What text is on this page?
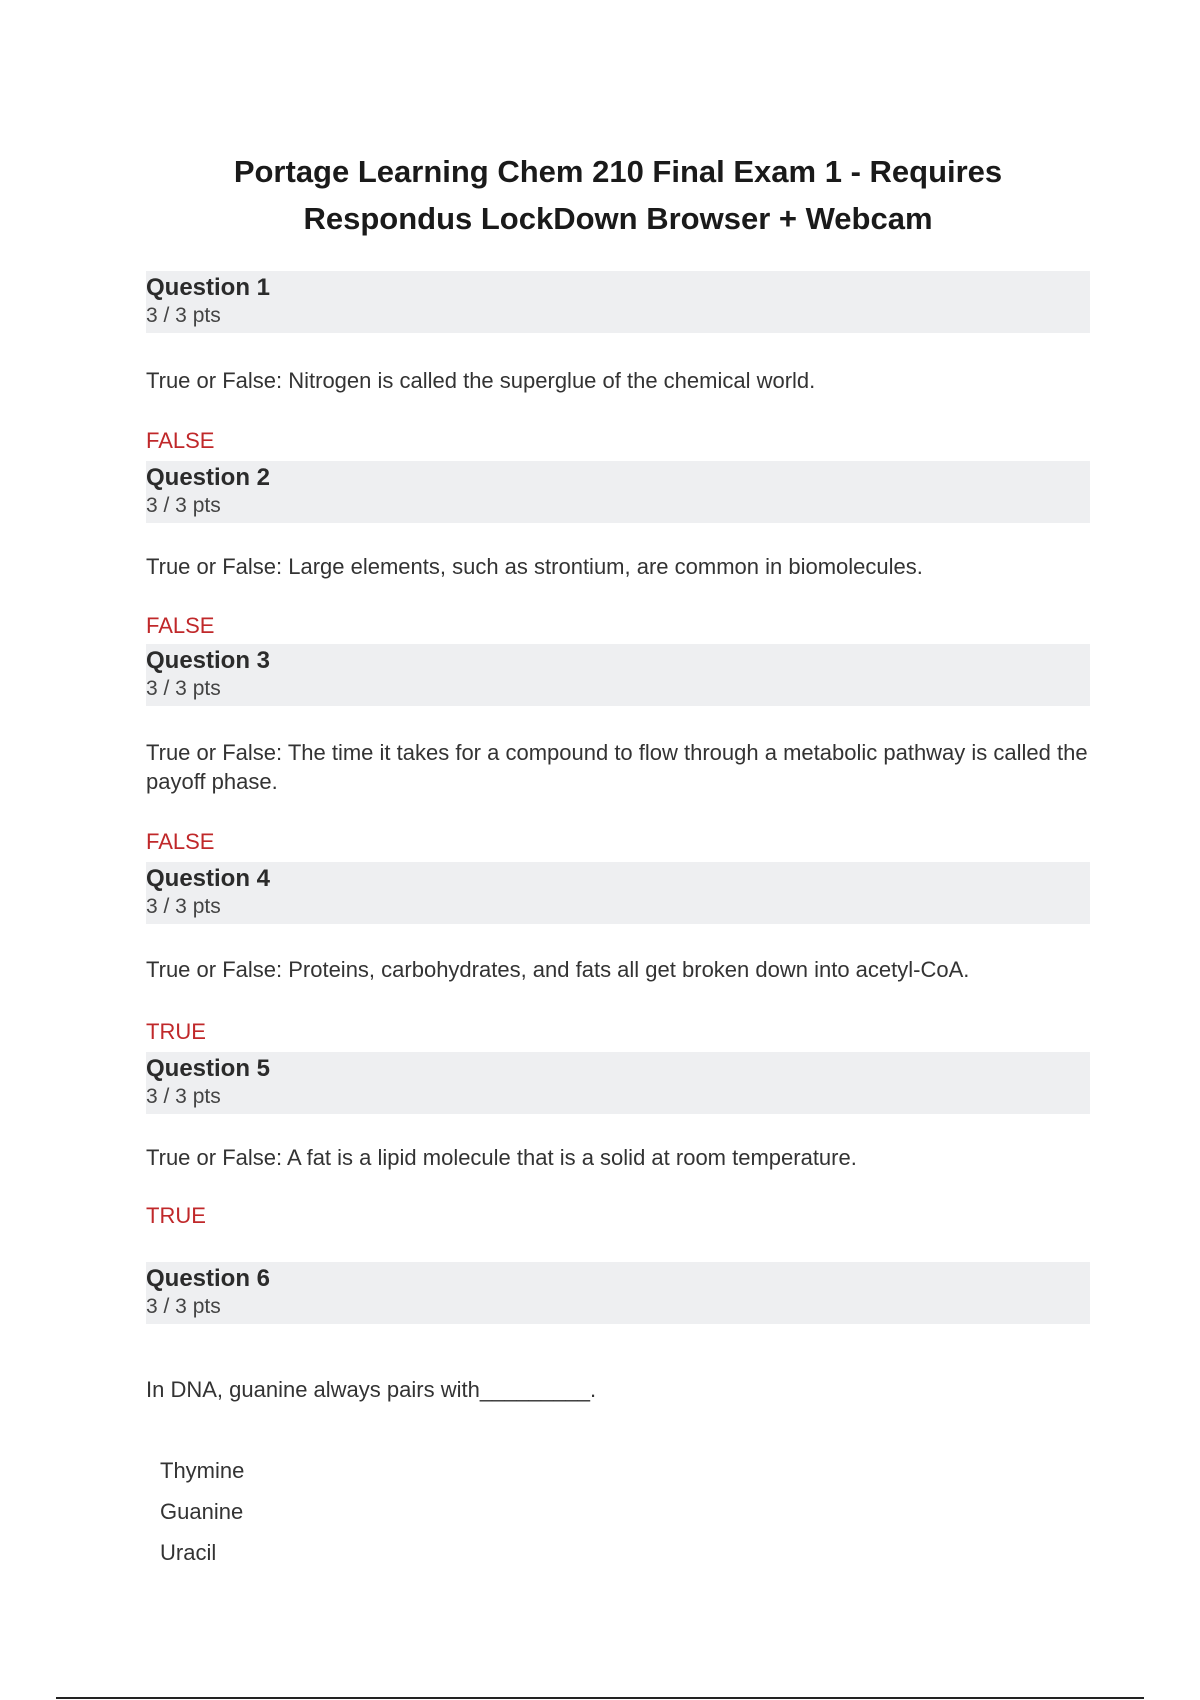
Portage Learning Chem 210 Final Exam 1 - Requires
Respondus LockDown Browser + Webcam
Question 1
3 / 3 pts
True or False: Nitrogen is called the superglue of the chemical world.
FALSE
Question 2
3 / 3 pts
True or False: Large elements, such as strontium, are common in biomolecules.
FALSE
Question 3
3 / 3 pts
True or False: The time it takes for a compound to flow through a metabolic pathway is called the payoff phase.
FALSE
Question 4
3 / 3 pts
True or False: Proteins, carbohydrates, and fats all get broken down into acetyl-CoA.
TRUE
Question 5
3 / 3 pts
True or False: A fat is a lipid molecule that is a solid at room temperature.
TRUE
Question 6
3 / 3 pts
In DNA, guanine always pairs with_________.
Thymine
Guanine
Uracil
